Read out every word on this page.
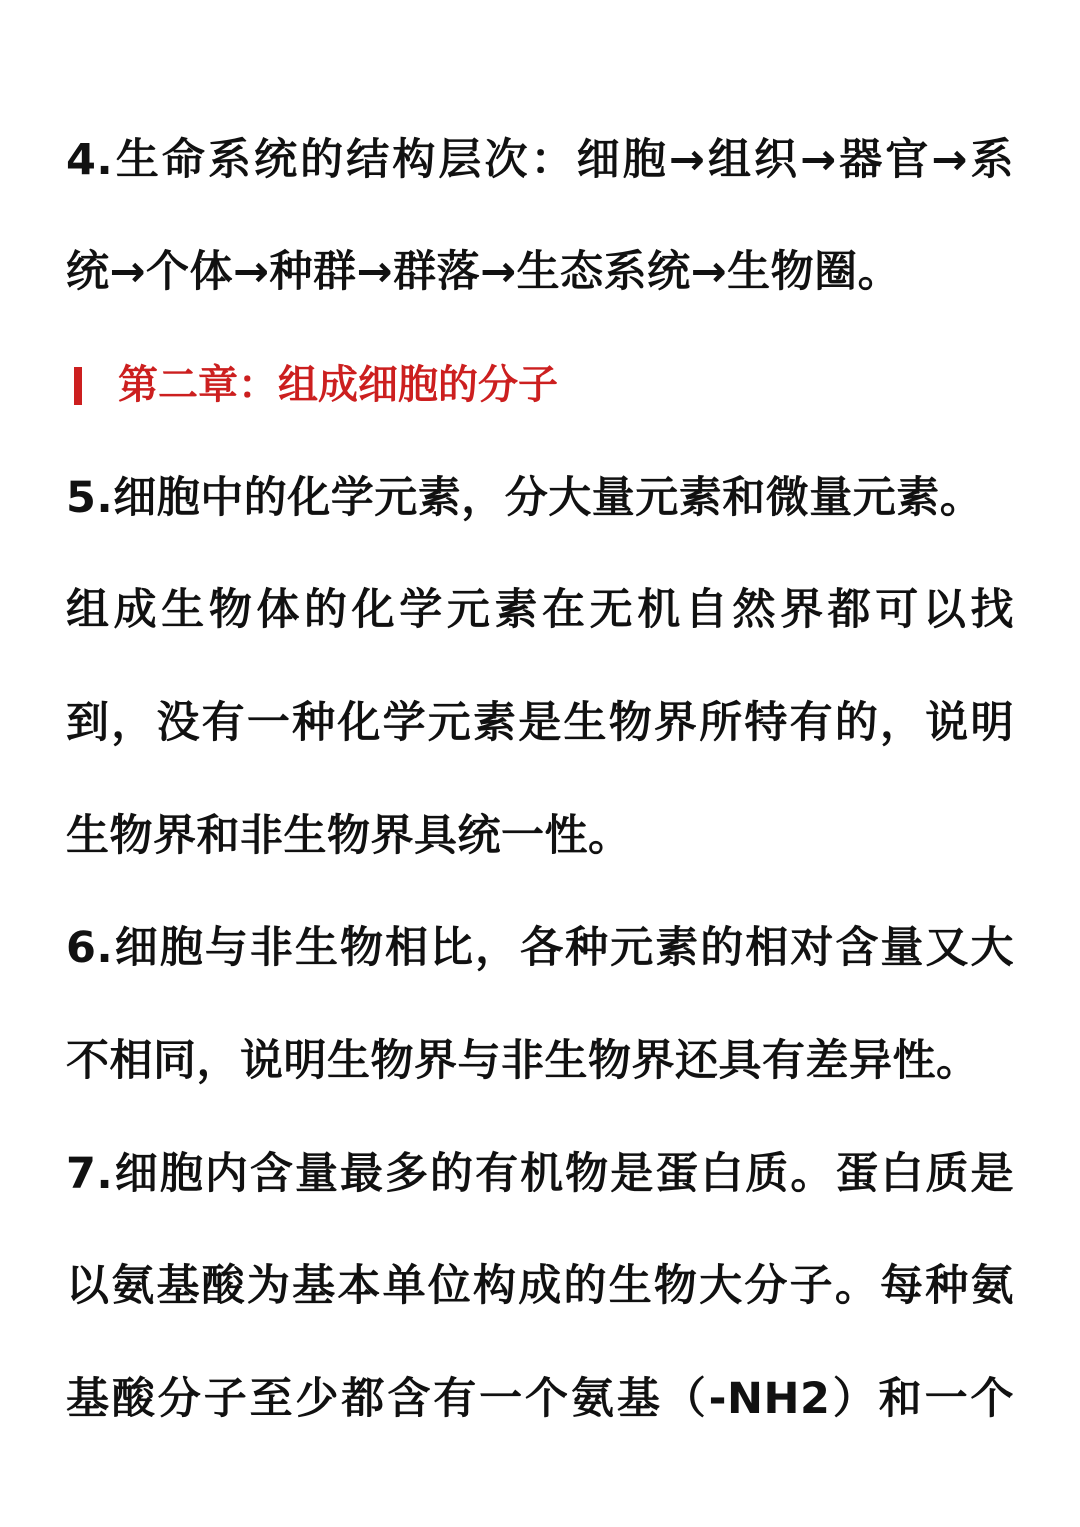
4.生命系统的结构层次：细胞→组织→器官→系
统→个体→种群→群落→生态系统→生物圈。
第二章：组成细胞的分子
5.细胞中的化学元素，分大量元素和微量元素。
组成生物体的化学元素在无机自然界都可以找
到，没有一种化学元素是生物界所特有的，说明
生物界和非生物界具统一性。
6.细胞与非生物相比，各种元素的相对含量又大
不相同，说明生物界与非生物界还具有差异性。
7.细胞内含量最多的有机物是蛋白质。蛋白质是
以氨基酸为基本单位构成的生物大分子。每种氨
基酸分子至少都含有一个氨基（-NH2）和一个
